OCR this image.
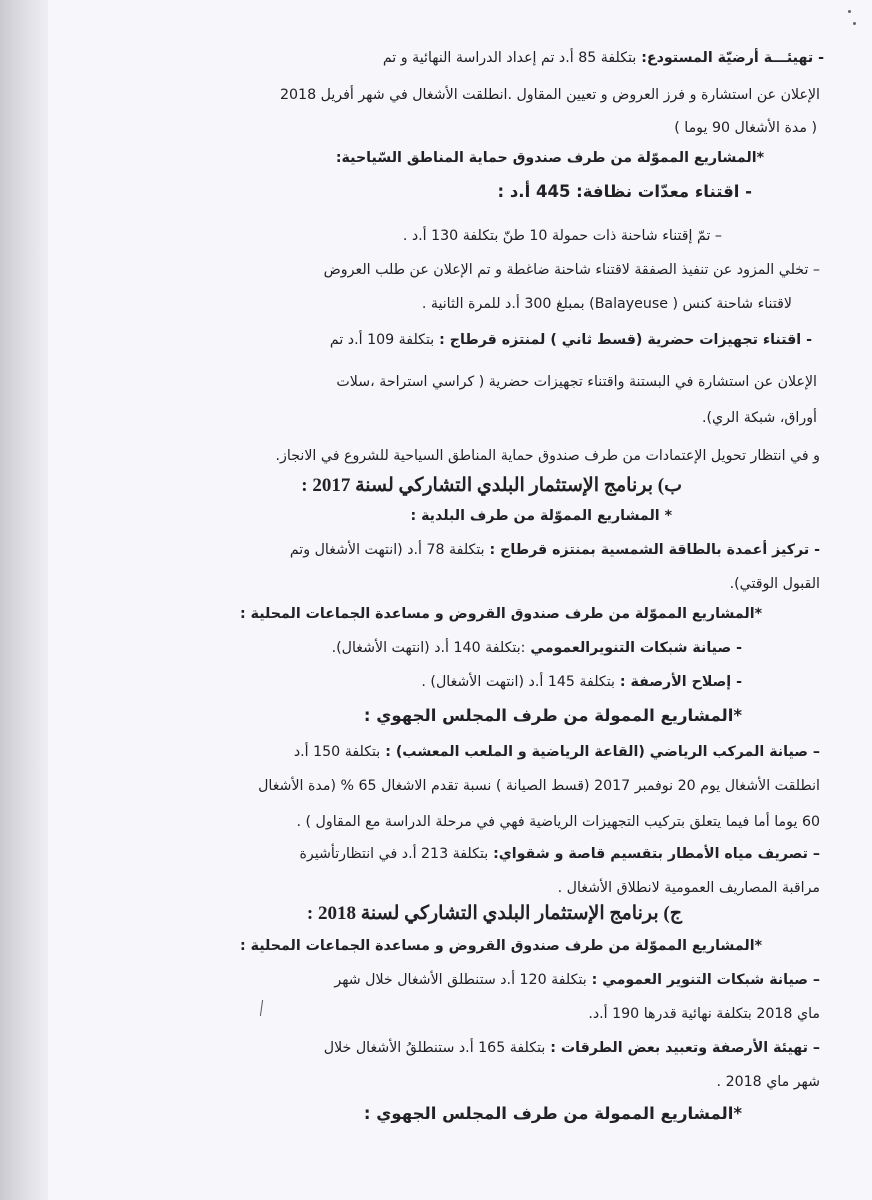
- تهيئـــة أرضيّة المستودع: بتكلفة 85 أ.د تم إعداد الدراسة النهائية و تم
الإعلان عن استشارة و فرز العروض و تعيين المقاول .انطلقت الأشغال في شهر أفريل 2018
( مدة الأشغال 90 يوما )
*المشاريع المموّلة من طرف صندوق حماية المناطق السّياحية:
- اقتناء معدّات نظافة: 445 أ.د :
– تمّ إقتناء شاحنة ذات حمولة 10 طنّ بتكلفة 130 أ.د .
– تخلي المزود عن تنفيذ الصفقة لاقتناء شاحنة ضاغطة و تم الإعلان عن طلب العروض
لاقتناء شاحنة كنس ( Balayeuse) بمبلغ 300 أ.د للمرة الثانية .
- اقتناء تجهيزات حضرية (قسط ثاني ) لمنتزه قرطاج : بتكلفة 109 أ.د تم
الإعلان عن استشارة في البستنة واقتناء تجهيزات حضرية ( كراسي استراحة ،سلات
أوراق، شبكة الري).
و في انتظار تحويل الإعتمادات من طرف صندوق حماية المناطق السياحية للشروع في الانجاز.
ب) برنامج الإستثمار البلدي التشاركي لسنة 2017 :
* المشاريع المموّلة من طرف البلدية :
- تركيز أعمدة بالطاقة الشمسية بمنتزه قرطاج : بتكلفة 78 أ.د (انتهت الأشغال وتم
القبول الوقتي).
*المشاريع المموّلة من طرف صندوق القروض و مساعدة الجماعات المحلية :
- صيانة شبكات التنويرالعمومي :بتكلفة 140 أ.د (انتهت الأشغال).
- إصلاح الأرصفة : بتكلفة 145 أ.د (انتهت الأشغال) .
*المشاريع الممولة من طرف المجلس الجهوي :
– صيانة المركب الرياضي (القاعة الرياضية و الملعب المعشب) : بتكلفة 150 أ.د
انطلقت الأشغال يوم 20 نوفمبر 2017 (قسط الصيانة ) نسبة تقدم الاشغال 65 % (مدة الأشغال
60 يوما أما فيما يتعلق بتركيب التجهيزات الرياضية فهي في مرحلة الدراسة مع المقاول ) .
– تصريف مياه الأمطار بتقسيم قاصة و شقواي: بتكلفة 213 أ.د في انتظارتأشيرة
مراقبة المصاريف العمومية لانطلاق الأشغال .
ج) برنامج الإستثمار البلدي التشاركي لسنة 2018 :
*المشاريع المموّلة من طرف صندوق القروض و مساعدة الجماعات المحلية :
– صيانة شبكات التنوير العمومي : بتكلفة 120 أ.د ستنطلق الأشغال خلال شهر
ماي 2018 بتكلفة نهائية قدرها 190 أ.د.
– تهيئة الأرصفة وتعبيد بعض الطرقات : بتكلفة 165 أ.د ستنطلقُ الأشغال خلال
شهر ماي 2018 .
*المشاريع الممولة من طرف المجلس الجهوي :
